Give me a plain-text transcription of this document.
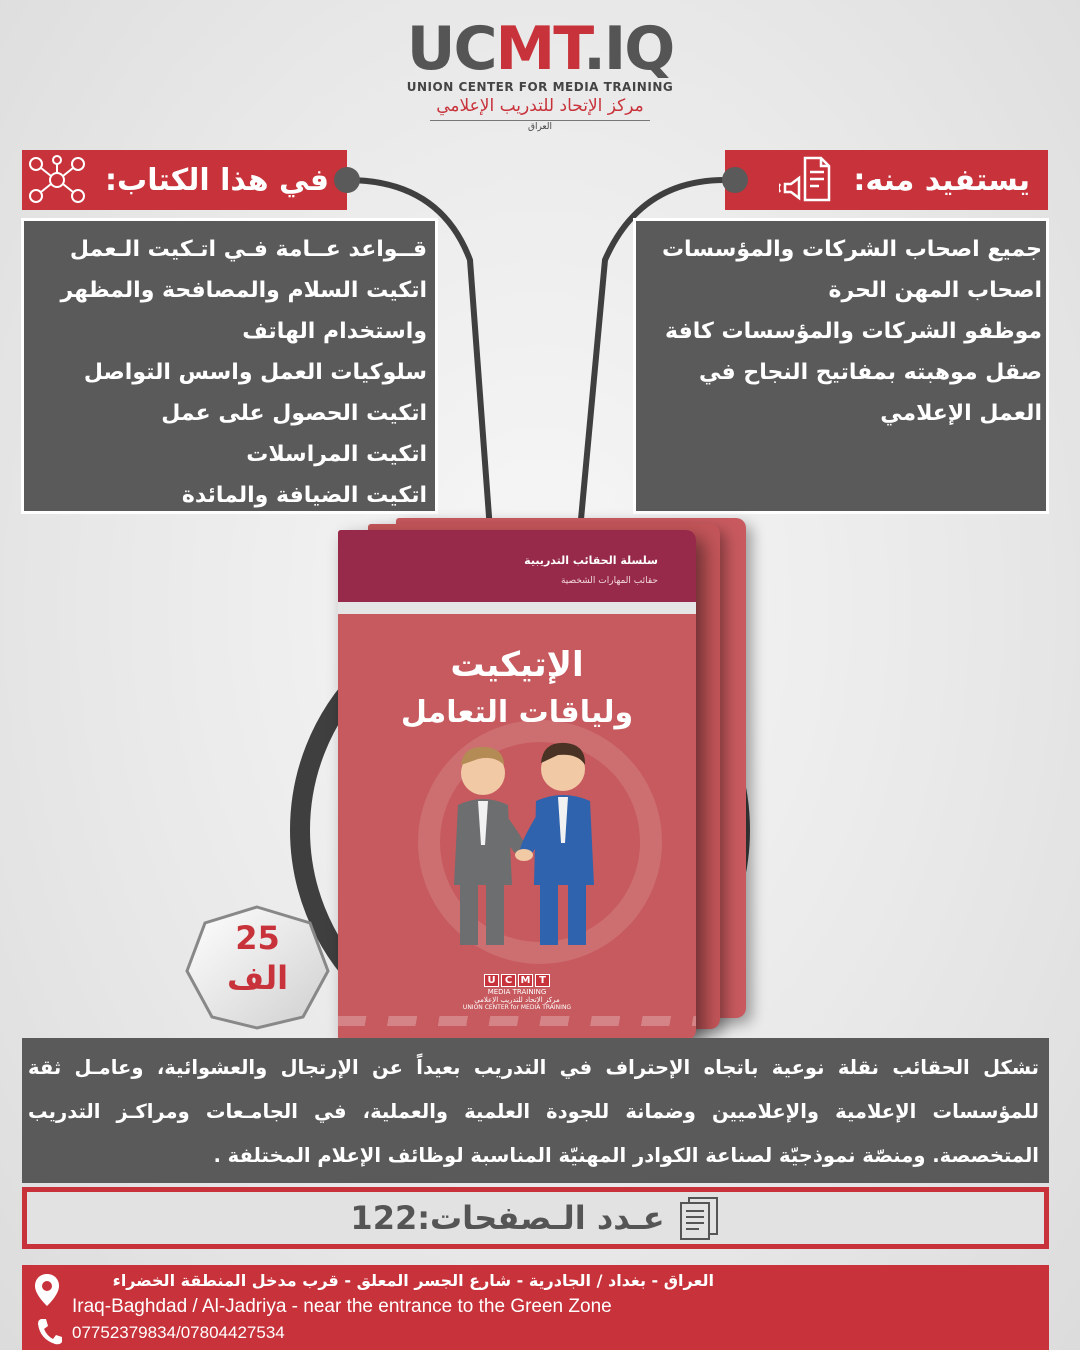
UCMT.IQ
UNION CENTER FOR MEDIA TRAINING
مركز الإتحاد للتدريب الإعلامي
العراق
في هذا الكتاب:	يستفيد منه:
قــواعد عــامة فـي اتـكيت الـعمل
اتكيت السلام والمصافحة والمظهر
واستخدام الهاتف
سلوكيات العمل واسس التواصل
اتكيت الحصول على عمل
اتكيت المراسلات
اتكيت الضيافة والمائدة
جميع اصحاب الشركات والمؤسسات
اصحاب المهن الحرة
موظفو الشركات والمؤسسات كافة
صقل موهبته بمفاتيح النجاح في
العمل الإعلامي
سلسلة الحقائب التدريبية
حقائب المهارات الشخصية
الإتيكيت
ولياقات التعامل
U C M T
MEDIA TRAINING
مركز الإتحاد للتدريب الإعلامي
UNION CENTER for MEDIA TRAINING
25
الف
تشكل الحقائب نقلة نوعية باتجاه الإحتراف في التدريب بعيداً عن الإرتجال والعشوائية، وعامـل ثقة للمؤسسات الإعلامية والإعلاميين وضمانة للجودة العلمية والعملية، في الجامـعات ومراكـز التدريب المتخصصة. ومنصّة نموذجيّة لصناعة الكوادر المهنيّة المناسبة لوظائف الإعلام المختلفة .
عـدد الـصفحات:122
العراق - بغداد / الجادرية - شارع الجسر المعلق - قرب مدخل المنطقة الخضراء
Iraq-Baghdad / Al-Jadriya - near the entrance to the Green Zone
07752379834/07804427534
